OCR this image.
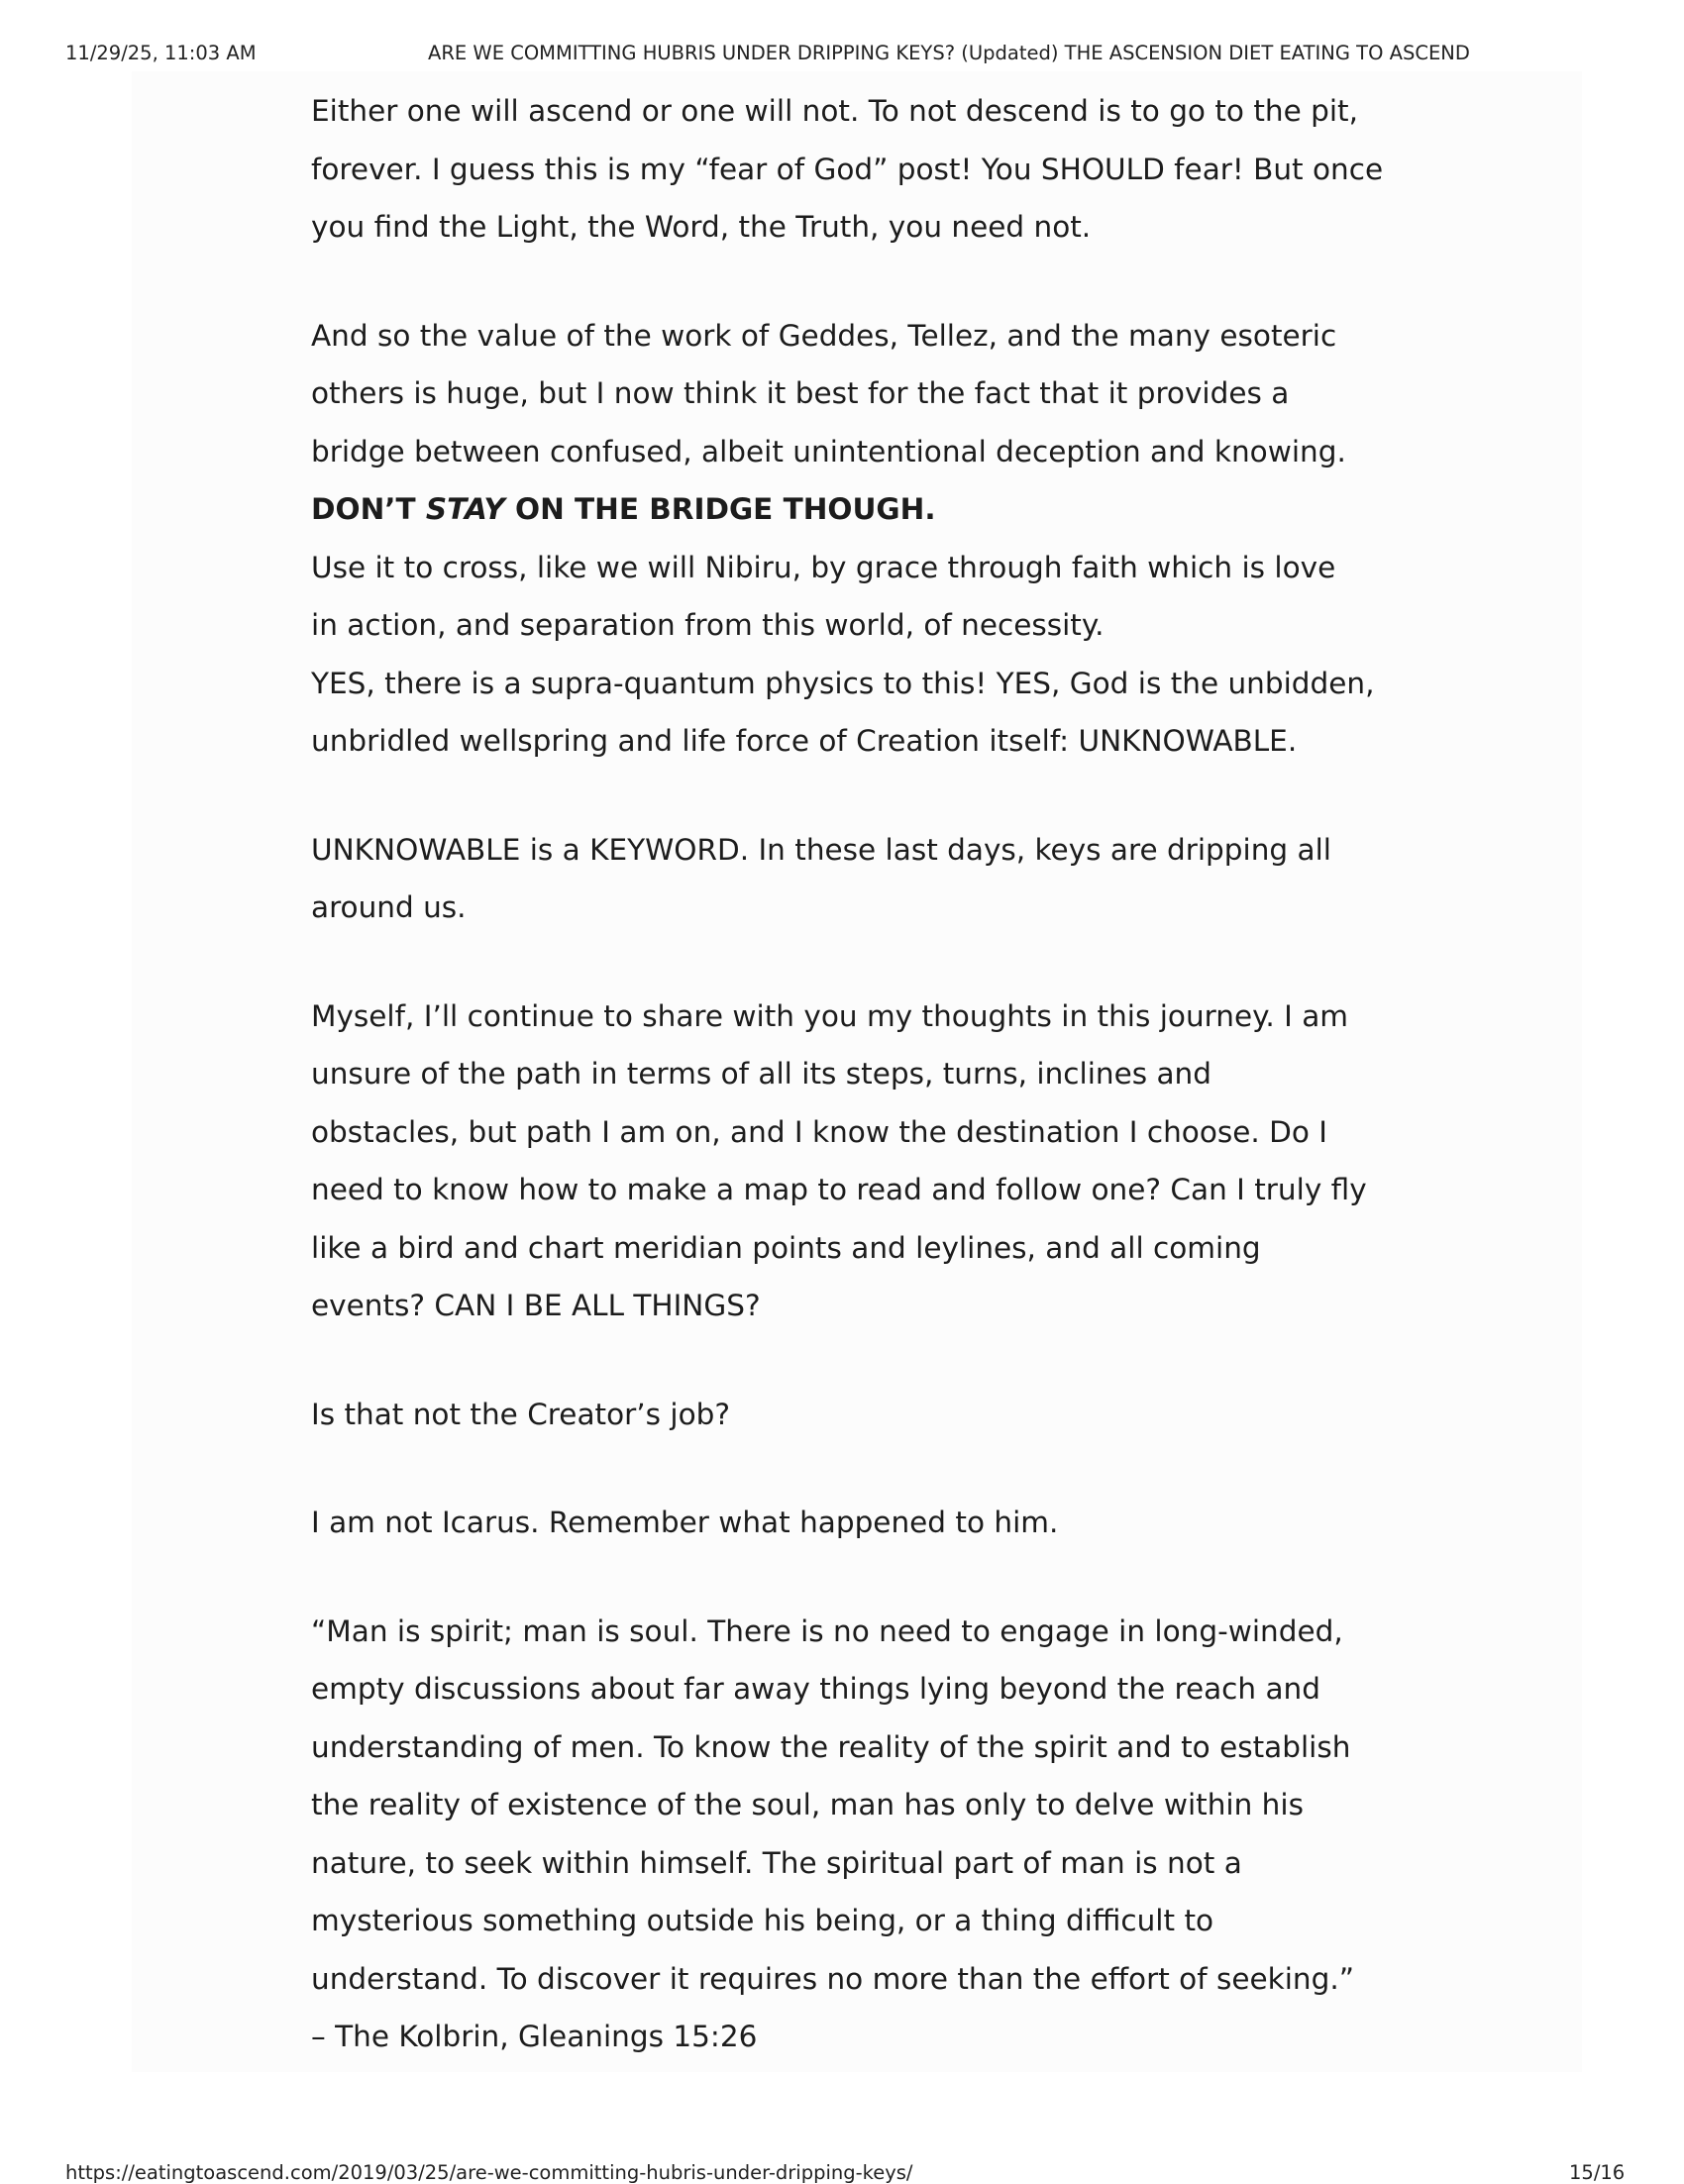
11/29/25, 11:03 AM	ARE WE COMMITTING HUBRIS UNDER DRIPPING KEYS? (Updated) THE ASCENSION DIET EATING TO ASCEND
Either one will ascend or one will not. To not descend is to go to the pit,
forever. I guess this is my “fear of God” post! You SHOULD fear! But once
you find the Light, the Word, the Truth, you need not.
And so the value of the work of Geddes, Tellez, and the many esoteric
others is huge, but I now think it best for the fact that it provides a
bridge between confused, albeit unintentional deception and knowing.
DON’T STAY ON THE BRIDGE THOUGH.
Use it to cross, like we will Nibiru, by grace through faith which is love
in action, and separation from this world, of necessity.
YES, there is a supra-quantum physics to this! YES, God is the unbidden,
unbridled wellspring and life force of Creation itself: UNKNOWABLE.
UNKNOWABLE is a KEYWORD. In these last days, keys are dripping all
around us.
Myself, I’ll continue to share with you my thoughts in this journey. I am
unsure of the path in terms of all its steps, turns, inclines and
obstacles, but path I am on, and I know the destination I choose. Do I
need to know how to make a map to read and follow one? Can I truly fly
like a bird and chart meridian points and leylines, and all coming
events? CAN I BE ALL THINGS?
Is that not the Creator’s job?
I am not Icarus. Remember what happened to him.
“Man is spirit; man is soul. There is no need to engage in long-winded,
empty discussions about far away things lying beyond the reach and
understanding of men. To know the reality of the spirit and to establish
the reality of existence of the soul, man has only to delve within his
nature, to seek within himself. The spiritual part of man is not a
mysterious something outside his being, or a thing difficult to
understand. To discover it requires no more than the effort of seeking.”
– The Kolbrin, Gleanings 15:26
https://eatingtoascend.com/2019/03/25/are-we-committing-hubris-under-dripping-keys/	15/16
